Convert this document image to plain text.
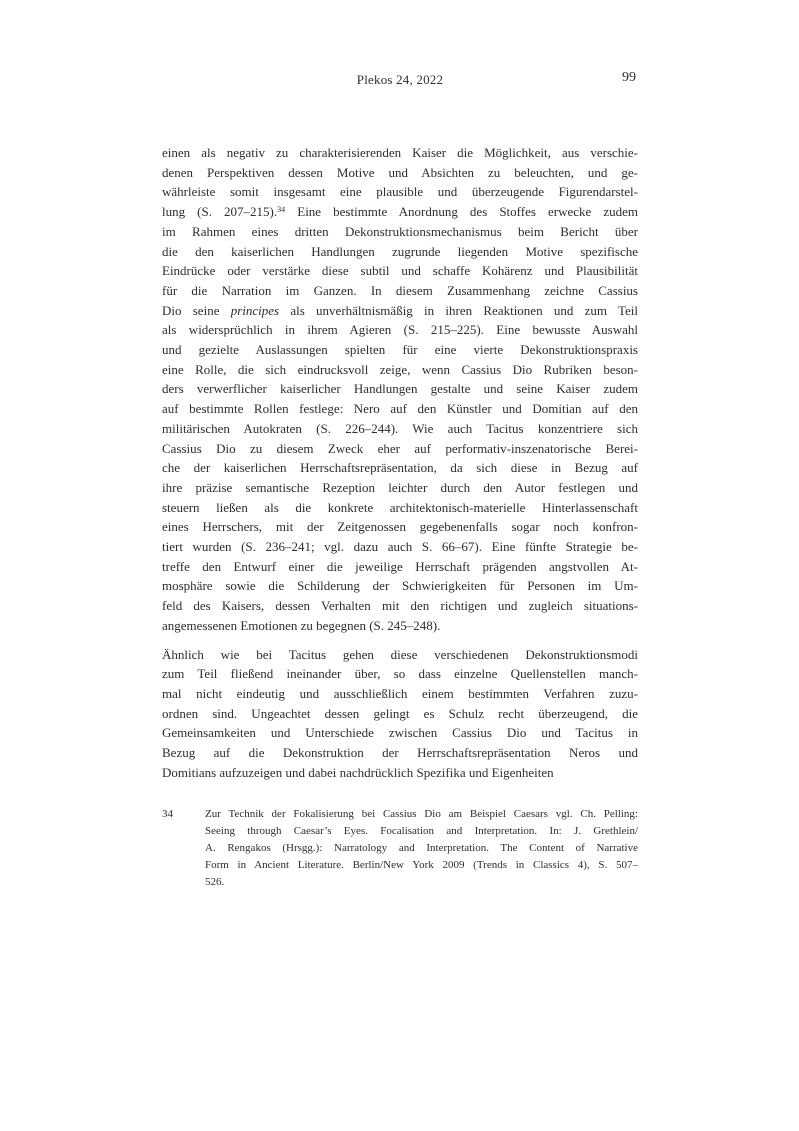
Plekos 24, 2022	99
einen als negativ zu charakterisierenden Kaiser die Möglichkeit, aus verschie-
denen Perspektiven dessen Motive und Absichten zu beleuchten, und ge-
währleiste somit insgesamt eine plausible und überzeugende Figurendarstel-
lung (S. 207–215).$^{34}$ Eine bestimmte Anordnung des Stoffes erwecke zudem
im Rahmen eines dritten Dekonstruktionsmechanismus beim Bericht über
die den kaiserlichen Handlungen zugrunde liegenden Motive spezifische
Eindrücke oder verstärke diese subtil und schaffe Kohärenz und Plausibilität
für die Narration im Ganzen. In diesem Zusammenhang zeichne Cassius
Dio seine principes als unverhältnismäßig in ihren Reaktionen und zum Teil
als widersprüchlich in ihrem Agieren (S. 215–225). Eine bewusste Auswahl
und gezielte Auslassungen spielten für eine vierte Dekonstruktionspraxis
eine Rolle, die sich eindrucksvoll zeige, wenn Cassius Dio Rubriken beson-
ders verwerflicher kaiserlicher Handlungen gestalte und seine Kaiser zudem
auf bestimmte Rollen festlege: Nero auf den Künstler und Domitian auf den
militärischen Autokraten (S. 226–244). Wie auch Tacitus konzentriere sich
Cassius Dio zu diesem Zweck eher auf performativ-inszenatorische Berei-
che der kaiserlichen Herrschaftsrepräsentation, da sich diese in Bezug auf
ihre präzise semantische Rezeption leichter durch den Autor festlegen und
steuern ließen als die konkrete architektonisch-materielle Hinterlassenschaft
eines Herrschers, mit der Zeitgenossen gegebenenfalls sogar noch konfron-
tiert wurden (S. 236–241; vgl. dazu auch S. 66–67). Eine fünfte Strategie be-
treffe den Entwurf einer die jeweilige Herrschaft prägenden angstvollen At-
mosphäre sowie die Schilderung der Schwierigkeiten für Personen im Um-
feld des Kaisers, dessen Verhalten mit den richtigen und zugleich situations-
angemessenen Emotionen zu begegnen (S. 245–248).
Ähnlich wie bei Tacitus gehen diese verschiedenen Dekonstruktionsmodi
zum Teil fließend ineinander über, so dass einzelne Quellenstellen manch-
mal nicht eindeutig und ausschließlich einem bestimmten Verfahren zuzu-
ordnen sind. Ungeachtet dessen gelingt es Schulz recht überzeugend, die
Gemeinsamkeiten und Unterschiede zwischen Cassius Dio und Tacitus in
Bezug auf die Dekonstruktion der Herrschaftsrepräsentation Neros und
Domitians aufzuzeigen und dabei nachdrücklich Spezifika und Eigenheiten
34	Zur Technik der Fokalisierung bei Cassius Dio am Beispiel Caesars vgl. Ch. Pelling:
Seeing through Caesar’s Eyes. Focalisation and Interpretation. In: J. Grethlein/
A. Rengakos (Hrsgg.): Narratology and Interpretation. The Content of Narrative
Form in Ancient Literature. Berlin/New York 2009 (Trends in Classics 4), S. 507–
526.
